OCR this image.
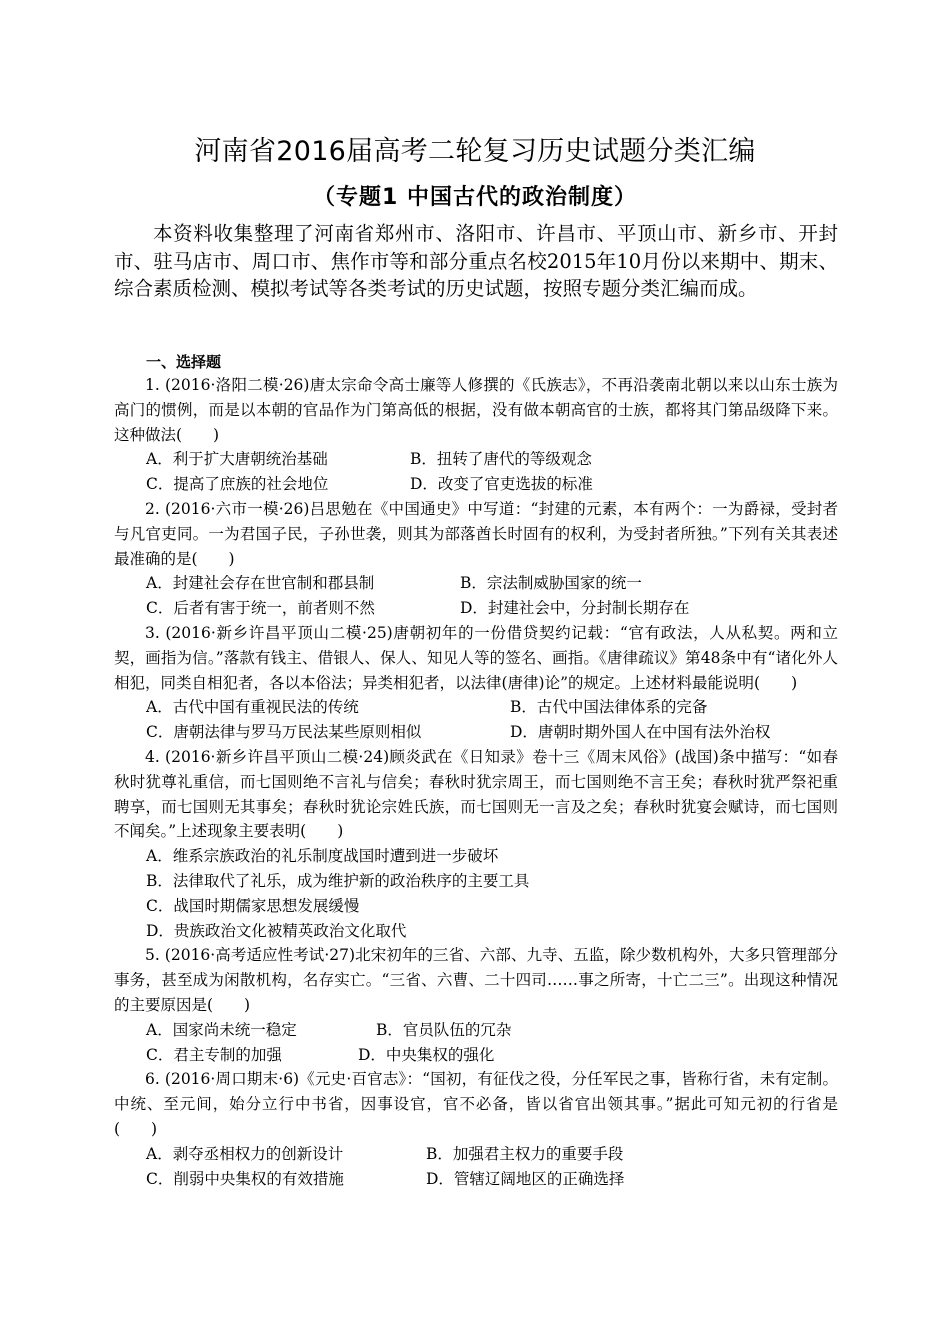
河南省2016届高考二轮复习历史试题分类汇编
（专题1 中国古代的政治制度）

本资料收集整理了河南省郑州市、洛阳市、许昌市、平顶山市、新乡市、开封市、驻马店市、周口市、焦作市等和部分重点名校2015年10月份以来期中、期末、综合素质检测、模拟考试等各类考试的历史试题，按照专题分类汇编而成。

一、选择题
1. (2016·洛阳二模·26)唐太宗命令高士廉等人修撰的《氏族志》，不再沿袭南北朝以来以山东士族为高门的惯例，而是以本朝的官品作为门第高低的根据，没有做本朝高官的士族，都将其门第品级降下来。这种做法(　　)
A．利于扩大唐朝统治基础	B．扭转了唐代的等级观念
C．提高了庶族的社会地位	D．改变了官吏选拔的标准
2. (2016·六市一模·26)吕思勉在《中国通史》中写道：“封建的元素，本有两个：一为爵禄，受封者与凡官吏同。一为君国子民，子孙世袭，则其为部落酋长时固有的权利，为受封者所独。”下列有关其表述最准确的是(　　)
A．封建社会存在世官制和郡县制	B．宗法制威胁国家的统一
C．后者有害于统一，前者则不然	D．封建社会中，分封制长期存在
3. (2016·新乡许昌平顶山二模·25)唐朝初年的一份借贷契约记载：“官有政法，人从私契。两和立契，画指为信。”落款有钱主、借银人、保人、知见人等的签名、画指。《唐律疏议》第48条中有“诸化外人相犯，同类自相犯者，各以本俗法；异类相犯者，以法律(唐律)论”的规定。上述材料最能说明(　　)
A．古代中国有重视民法的传统	B．古代中国法律体系的完备
C．唐朝法律与罗马万民法某些原则相似	D．唐朝时期外国人在中国有法外治权
4. (2016·新乡许昌平顶山二模·24)顾炎武在《日知录》卷十三《周末风俗》(战国)条中描写：“如春秋时犹尊礼重信，而七国则绝不言礼与信矣；春秋时犹宗周王，而七国则绝不言王矣；春秋时犹严祭祀重聘享，而七国则无其事矣；春秋时犹论宗姓氏族，而七国则无一言及之矣；春秋时犹宴会赋诗，而七国则不闻矣。”上述现象主要表明(　　)
A．维系宗族政治的礼乐制度战国时遭到进一步破坏
B．法律取代了礼乐，成为维护新的政治秩序的主要工具
C．战国时期儒家思想发展缓慢
D．贵族政治文化被精英政治文化取代
5. (2016·高考适应性考试·27)北宋初年的三省、六部、九寺、五监，除少数机构外，大多只管理部分事务，甚至成为闲散机构，名存实亡。“三省、六曹、二十四司……事之所寄，十亡二三”。出现这种情况的主要原因是(　　)
A．国家尚未统一稳定	B．官员队伍的冗杂
C．君主专制的加强	D．中央集权的强化
6. (2016·周口期末·6)《元史·百官志》：“国初，有征伐之役，分任军民之事，皆称行省，未有定制。中统、至元间，始分立行中书省，因事设官，官不必备，皆以省官出领其事。”据此可知元初的行省是(　　)
A．剥夺丞相权力的创新设计	B．加强君主权力的重要手段
C．削弱中央集权的有效措施	D．管辖辽阔地区的正确选择
